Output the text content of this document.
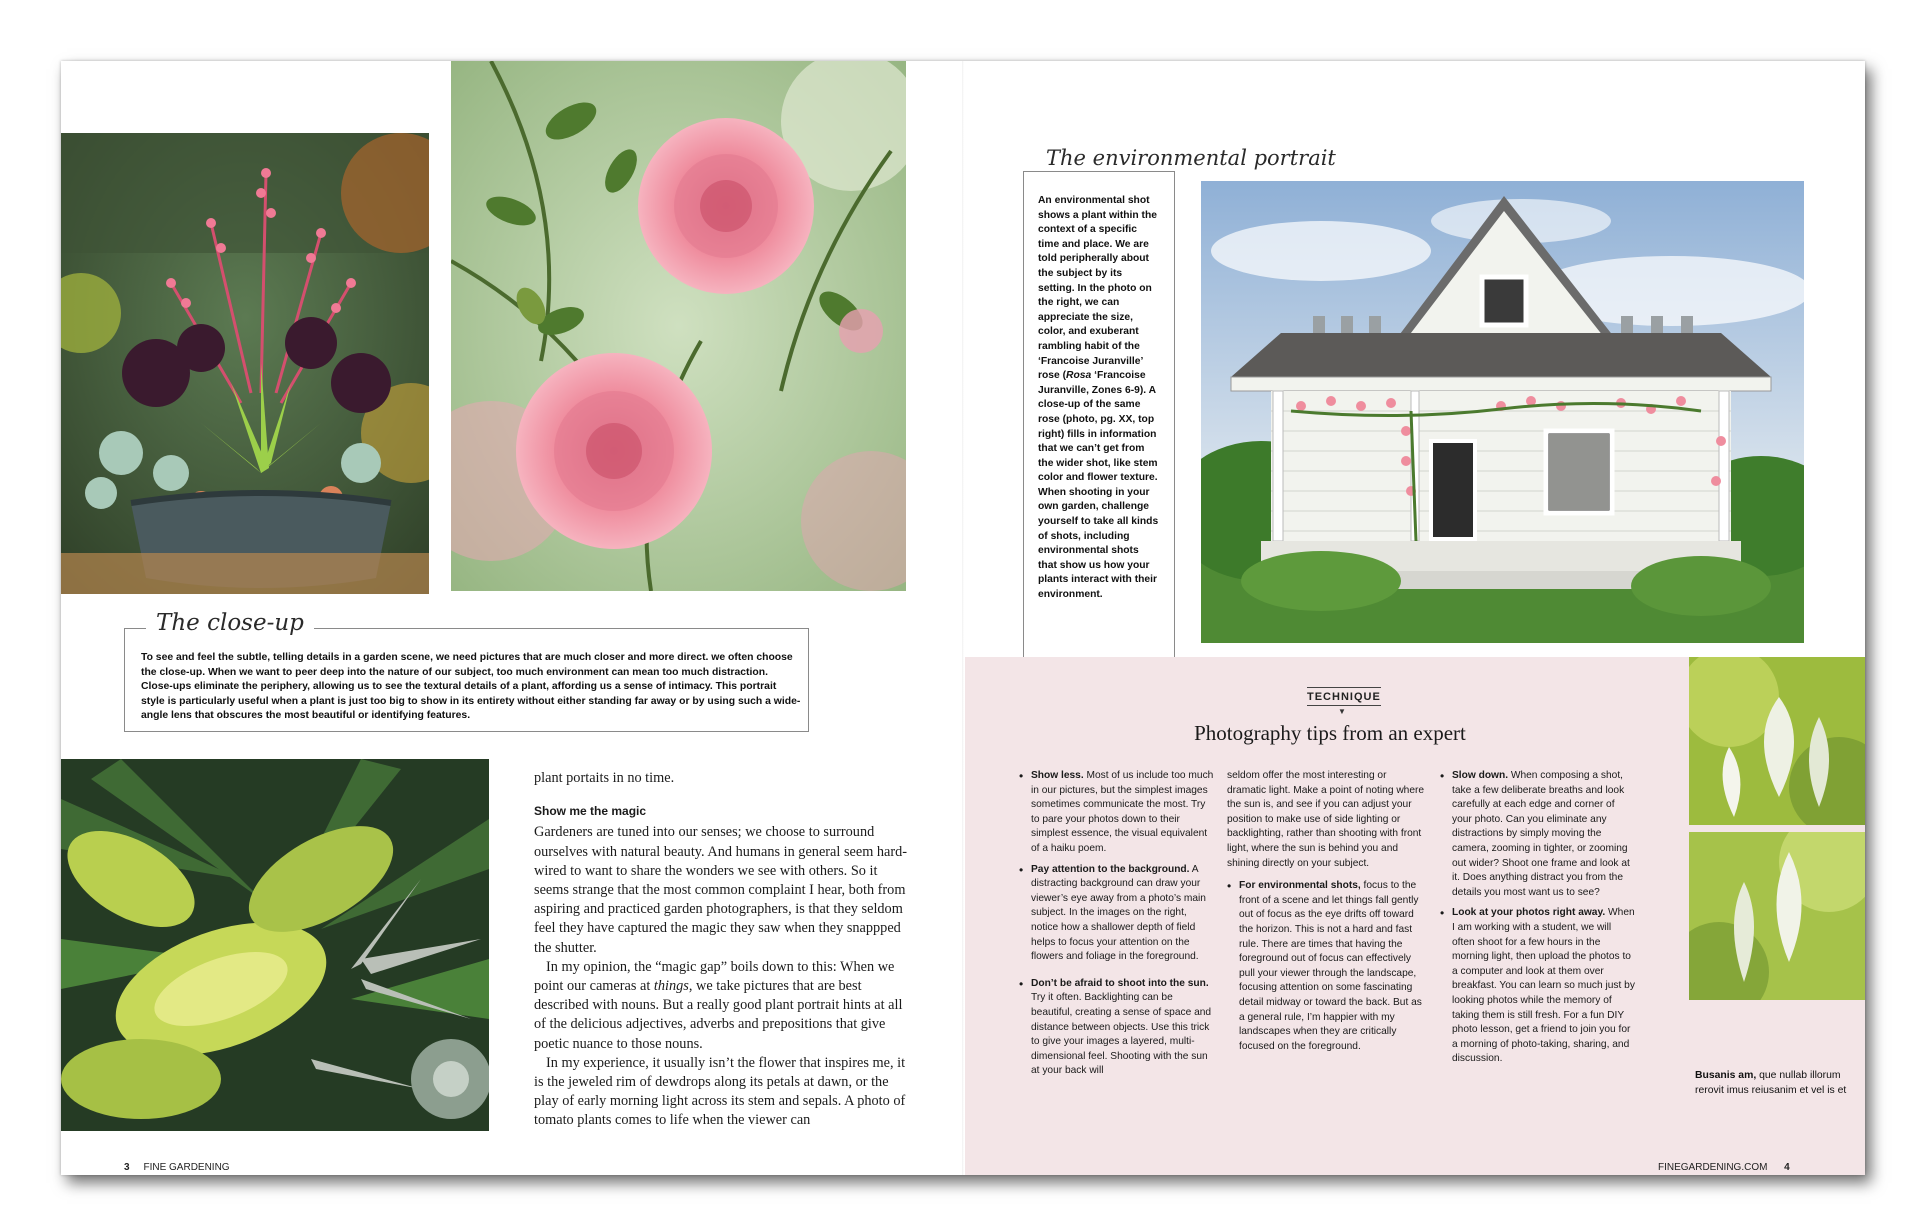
To see and feel the subtle, telling details in a garden scene, we need pictures that are much closer and more direct. we often choose the close-up. When we want to peer deep into the nature of our subject, too much environment can mean too much distraction. Close-ups eliminate the periphery, allowing us to see the textural details of a plant, affording us a sense of intimacy. This portrait style is particularly useful when a plant is just too big to show in its entirety without either standing far away or by using such a wide-angle lens that obscures the most beautiful or identifying features.
The close-up

plant portaits in no time.

Show me the magic

Gardeners are tuned into our senses; we choose to surround ourselves with natural beauty. And humans in general seem hard-wired to want to share the wonders we see with others. So it seems strange that the most common complaint I hear, both from aspiring and practiced garden photographers, is that they seldom feel they have captured the magic they saw when they snappped the shutter.

In my opinion, the “magic gap” boils down to this: When we point our cameras at things, we take pictures that are best described with nouns. But a really good plant portrait hints at all of the delicious adjectives, adverbs and prepositions that give poetic nuance to those nouns.

In my experience, it usually isn’t the flower that inspires me, it is the jeweled rim of dewdrops along its petals at dawn, or the play of early morning light across its stem and sepals. A photo of tomato plants comes to life when the viewer can

An environmental shot shows a plant within the context of a specific time and place. We are told peripherally about the subject by its setting. In the photo on the right, we can appreciate the size, color, and exuberant rambling habit of the ‘Francoise Juranville’ rose (Rosa ‘Francoise Juranville, Zones 6-9). A close-up of the same rose (photo, pg. XX, top right) fills in information that we can’t get from the wider shot, like stem color and flower texture. When shooting in your own garden, challenge yourself to take all kinds of shots, including environmental shots that show us how your plants interact with their environment.
The environmental portrait
TECHNIQUE
▼
Photography tips from an expert
• Show less. Most of us include too much in our pictures, but the simplest images sometimes communicate the most. Try to pare your photos down to their simplest essence, the visual equivalent of a haiku poem.
• Pay attention to the background. A distracting background can draw your viewer’s eye away from a photo’s main subject. In the images on the right, notice how a shallower depth of field helps to focus your attention on the flowers and foliage in the foreground.
• Don’t be afraid to shoot into the sun. Try it often. Backlighting can be beautiful, creating a sense of space and distance between objects. Use this trick to give your images a layered, multi-dimensional feel. Shooting with the sun at your back will
seldom offer the most interesting or dramatic light. Make a point of noting where the sun is, and see if you can adjust your position to make use of side lighting or backlighting, rather than shooting with front light, where the sun is behind you and shining directly on your subject.
• For environmental shots, focus to the front of a scene and let things fall gently out of focus as the eye drifts off toward the horizon. This is not a hard and fast rule. There are times that having the foreground out of focus can effectively pull your viewer through the landscape, focusing attention on some fascinating detail midway or toward the back. But as a general rule, I’m happier with my landscapes when they are critically focused on the foreground.
• Slow down. When composing a shot, take a few deliberate breaths and look carefully at each edge and corner of your photo. Can you eliminate any distractions by simply moving the camera, zooming in tighter, or zooming out wider? Shoot one frame and look at it. Does anything distract you from the details you most want us to see?
• Look at your photos right away. When I am working with a student, we will often shoot for a few hours in the morning light, then upload the photos to a computer and look at them over breakfast. You can learn so much just by looking photos while the memory of taking them is still fresh. For a fun DIY photo lesson, get a friend to join you for a morning of photo-taking, sharing, and discussion.
Busanis am, que nullab illorum rerovit imus reiusanim et vel is et
3 FINE GARDENING	FINEGARDENING.COM 4
